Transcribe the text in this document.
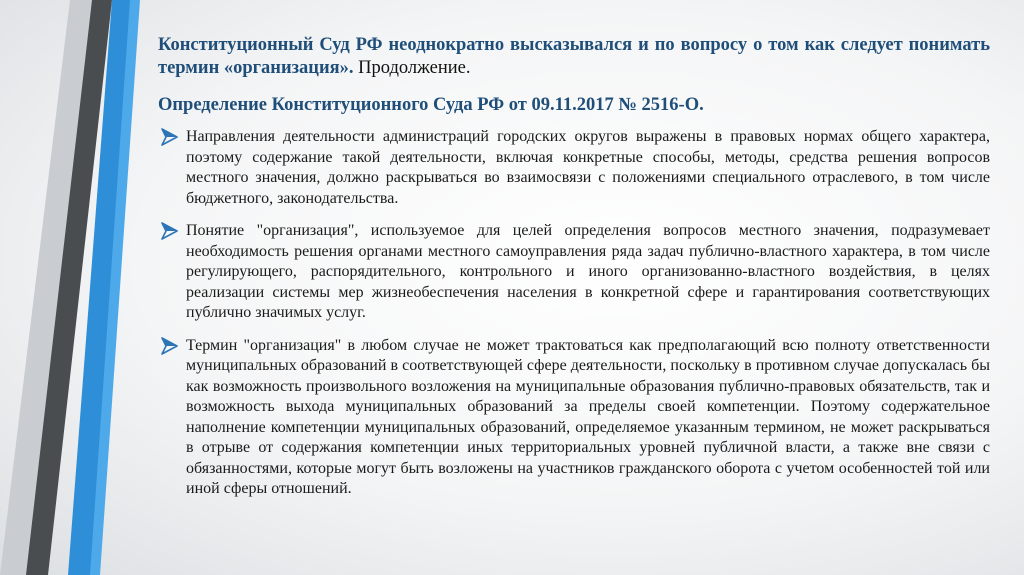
Конституционный Суд РФ неоднократно высказывался и по вопросу о том как следует понимать термин «организация». Продолжение.

Определение Конституционного Суда РФ от 09.11.2017 № 2516-О.

Направления деятельности администраций городских округов выражены в правовых нормах общего характера, поэтому содержание такой деятельности, включая конкретные способы, методы, средства решения вопросов местного значения, должно раскрываться во взаимосвязи с положениями специального отраслевого, в том числе бюджетного, законодательства.
Понятие "организация", используемое для целей определения вопросов местного значения, подразумевает необходимость решения органами местного самоуправления ряда задач публично-властного характера, в том числе регулирующего, распорядительного, контрольного и иного организованно-властного воздействия, в целях реализации системы мер жизнеобеспечения населения в конкретной сфере и гарантирования соответствующих публично значимых услуг.
Термин "организация" в любом случае не может трактоваться как предполагающий всю полноту ответственности муниципальных образований в соответствующей сфере деятельности, поскольку в противном случае допускалась бы как возможность произвольного возложения на муниципальные образования публично-правовых обязательств, так и возможность выхода муниципальных образований за пределы своей компетенции. Поэтому содержательное наполнение компетенции муниципальных образований, определяемое указанным термином, не может раскрываться в отрыве от содержания компетенции иных территориальных уровней публичной власти, а также вне связи с обязанностями, которые могут быть возложены на участников гражданского оборота с учетом особенностей той или иной сферы отношений.
